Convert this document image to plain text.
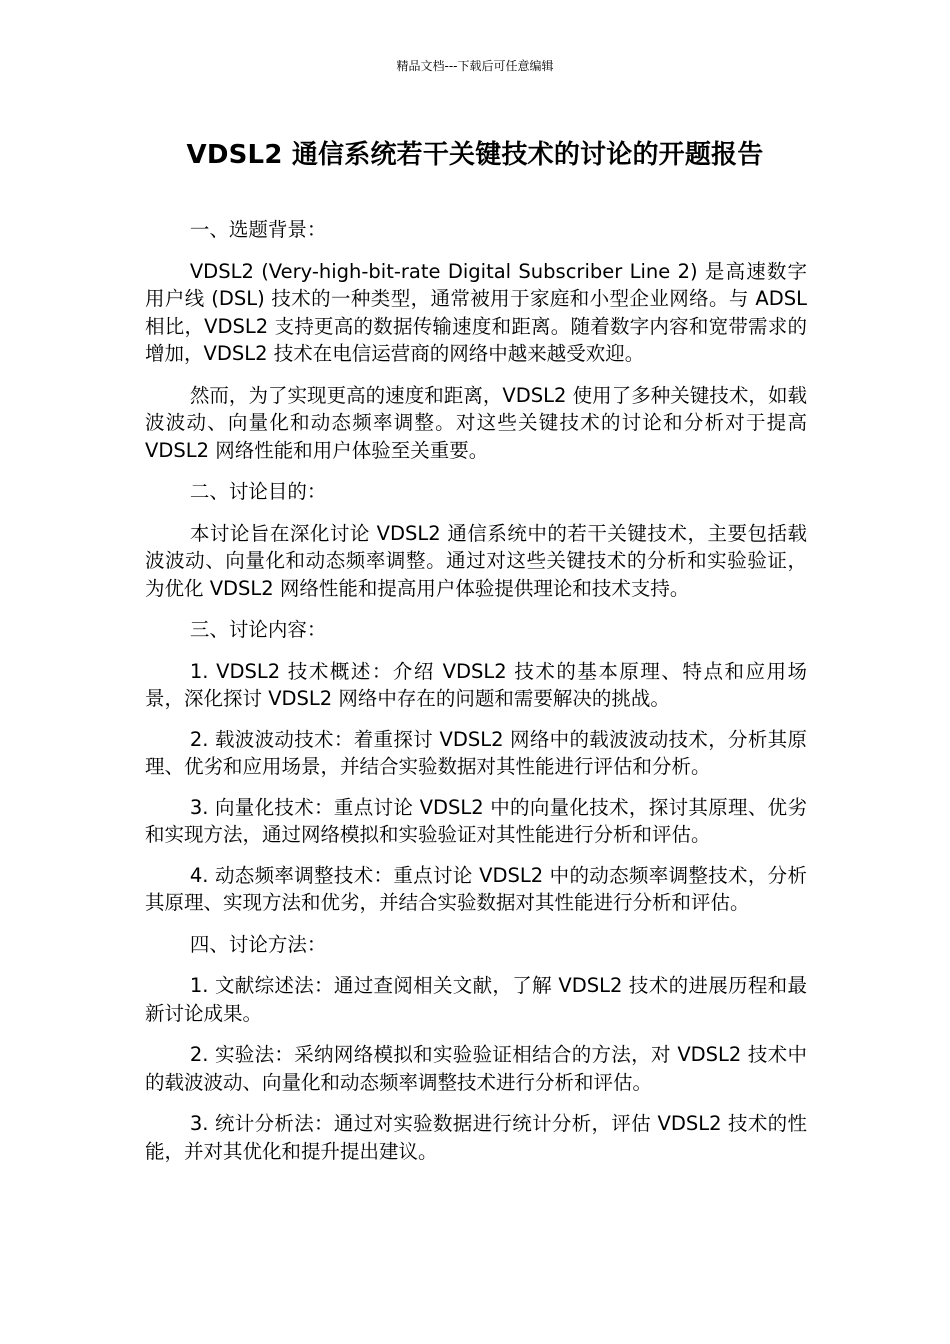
精品文档---下载后可任意编辑
VDSL2 通信系统若干关键技术的讨论的开题报告

一、选题背景：

VDSL2 (Very-high-bit-rate Digital Subscriber Line 2) 是高速数字用户线 (DSL) 技术的一种类型，通常被用于家庭和小型企业网络。与 ADSL 相比，VDSL2 支持更高的数据传输速度和距离。随着数字内容和宽带需求的增加，VDSL2 技术在电信运营商的网络中越来越受欢迎。

然而，为了实现更高的速度和距离，VDSL2 使用了多种关键技术，如载波波动、向量化和动态频率调整。对这些关键技术的讨论和分析对于提高 VDSL2 网络性能和用户体验至关重要。

二、讨论目的：

本讨论旨在深化讨论 VDSL2 通信系统中的若干关键技术，主要包括载波波动、向量化和动态频率调整。通过对这些关键技术的分析和实验验证，为优化 VDSL2 网络性能和提高用户体验提供理论和技术支持。

三、讨论内容：

1. VDSL2 技术概述：介绍 VDSL2 技术的基本原理、特点和应用场景，深化探讨 VDSL2 网络中存在的问题和需要解决的挑战。

2. 载波波动技术：着重探讨 VDSL2 网络中的载波波动技术，分析其原理、优劣和应用场景，并结合实验数据对其性能进行评估和分析。

3. 向量化技术：重点讨论 VDSL2 中的向量化技术，探讨其原理、优劣和实现方法，通过网络模拟和实验验证对其性能进行分析和评估。

4. 动态频率调整技术：重点讨论 VDSL2 中的动态频率调整技术，分析其原理、实现方法和优劣，并结合实验数据对其性能进行分析和评估。

四、讨论方法：

1. 文献综述法：通过查阅相关文献，了解 VDSL2 技术的进展历程和最新讨论成果。

2. 实验法：采纳网络模拟和实验验证相结合的方法，对 VDSL2 技术中的载波波动、向量化和动态频率调整技术进行分析和评估。

3. 统计分析法：通过对实验数据进行统计分析，评估 VDSL2 技术的性能，并对其优化和提升提出建议。
